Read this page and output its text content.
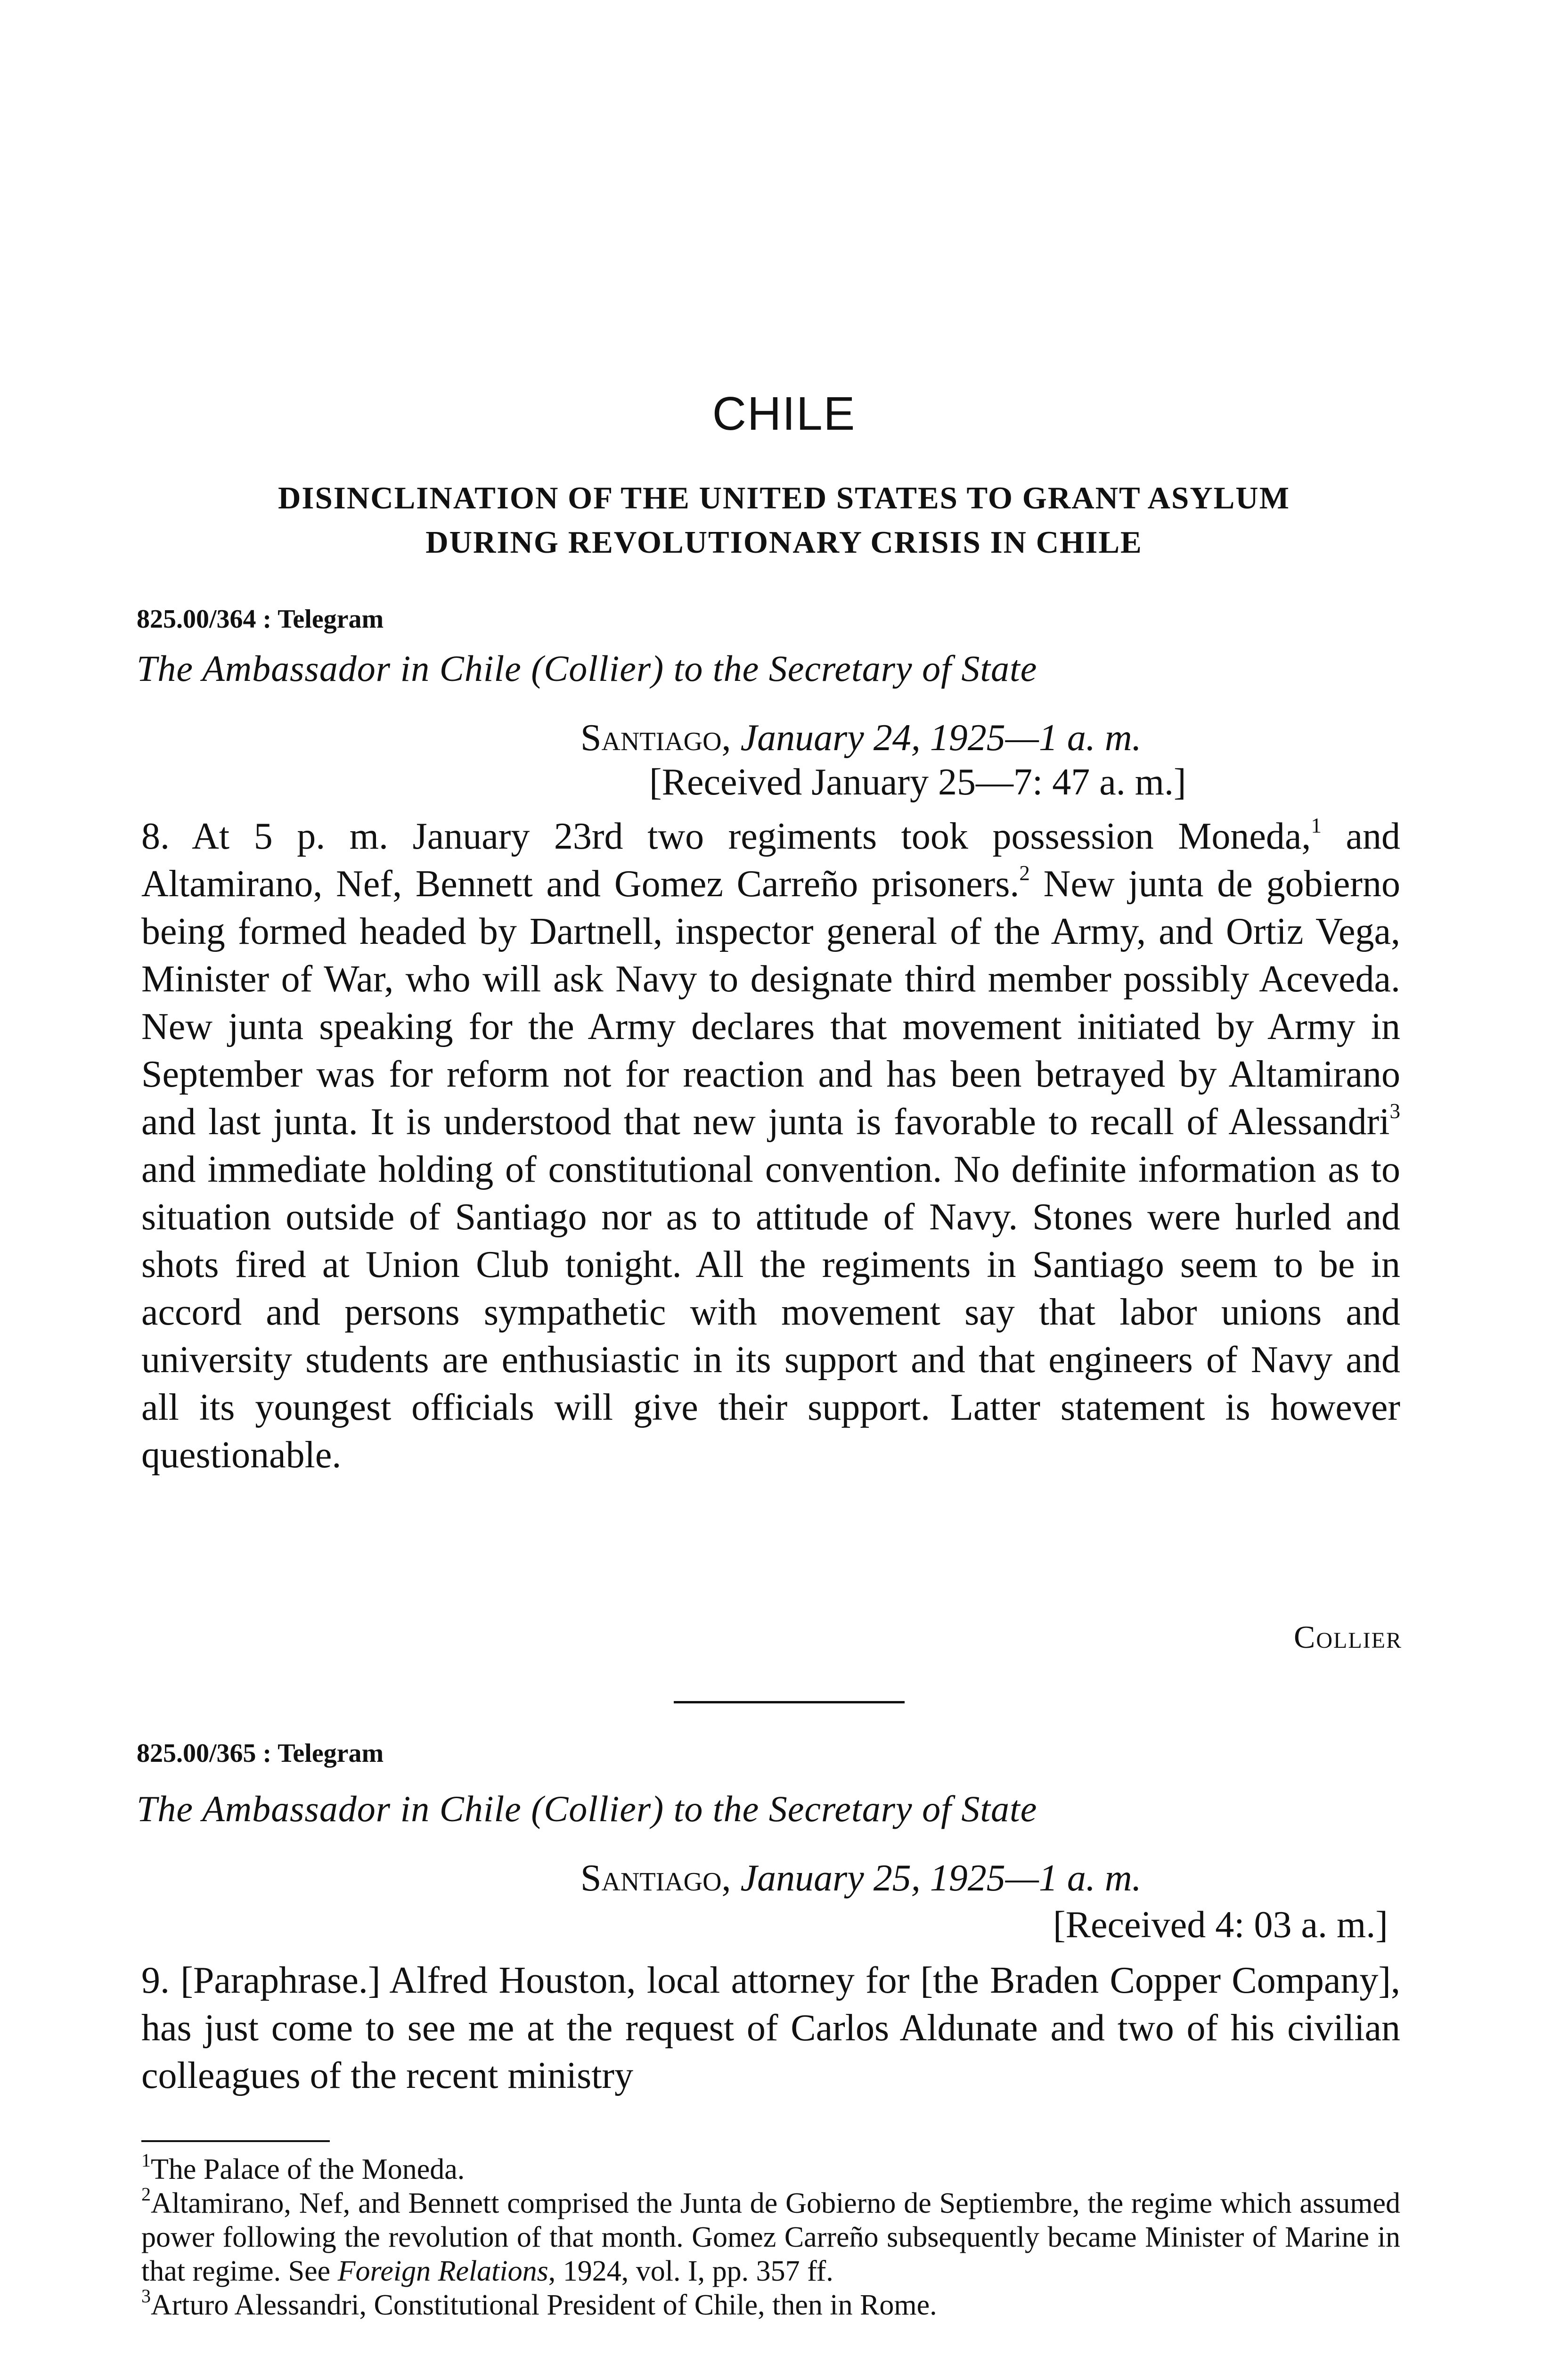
CHILE
DISINCLINATION OF THE UNITED STATES TO GRANT ASYLUM
DURING REVOLUTIONARY CRISIS IN CHILE
825.00/364 : Telegram
The Ambassador in Chile (Collier) to the Secretary of State
Santiago, January 24, 1925—1 a. m.
[Received January 25—7: 47 a. m.]

8. At 5 p. m. January 23rd two regiments took possession Moneda,$^1$ and Altamirano, Nef, Bennett and Gomez Carreño prisoners.$^2$ New junta de gobierno being formed headed by Dartnell, inspector general of the Army, and Ortiz Vega, Minister of War, who will ask Navy to designate third member possibly Aceveda. New junta speaking for the Army declares that movement initiated by Army in September was for reform not for reaction and has been betrayed by Altamirano and last junta. It is understood that new junta is favorable to recall of Alessandri$^3$ and immediate holding of constitutional convention. No definite information as to situation outside of Santiago nor as to attitude of Navy. Stones were hurled and shots fired at Union Club tonight. All the regiments in Santiago seem to be in accord and persons sympathetic with movement say that labor unions and university students are enthusiastic in its support and that engineers of Navy and all its youngest officials will give their support. Latter statement is however questionable.

Collier
825.00/365 : Telegram
The Ambassador in Chile (Collier) to the Secretary of State
Santiago, January 25, 1925—1 a. m.
[Received 4: 03 a. m.]

9. [Paraphrase.] Alfred Houston, local attorney for [the Braden Copper Company], has just come to see me at the request of Carlos Aldunate and two of his civilian colleagues of the recent ministry

$^1$The Palace of the Moneda.

$^2$Altamirano, Nef, and Bennett comprised the Junta de Gobierno de Septiembre, the regime which assumed power following the revolution of that month. Gomez Carreño subsequently became Minister of Marine in that regime. See Foreign Relations, 1924, vol. I, pp. 357 ff.

$^3$Arturo Alessandri, Constitutional President of Chile, then in Rome.
